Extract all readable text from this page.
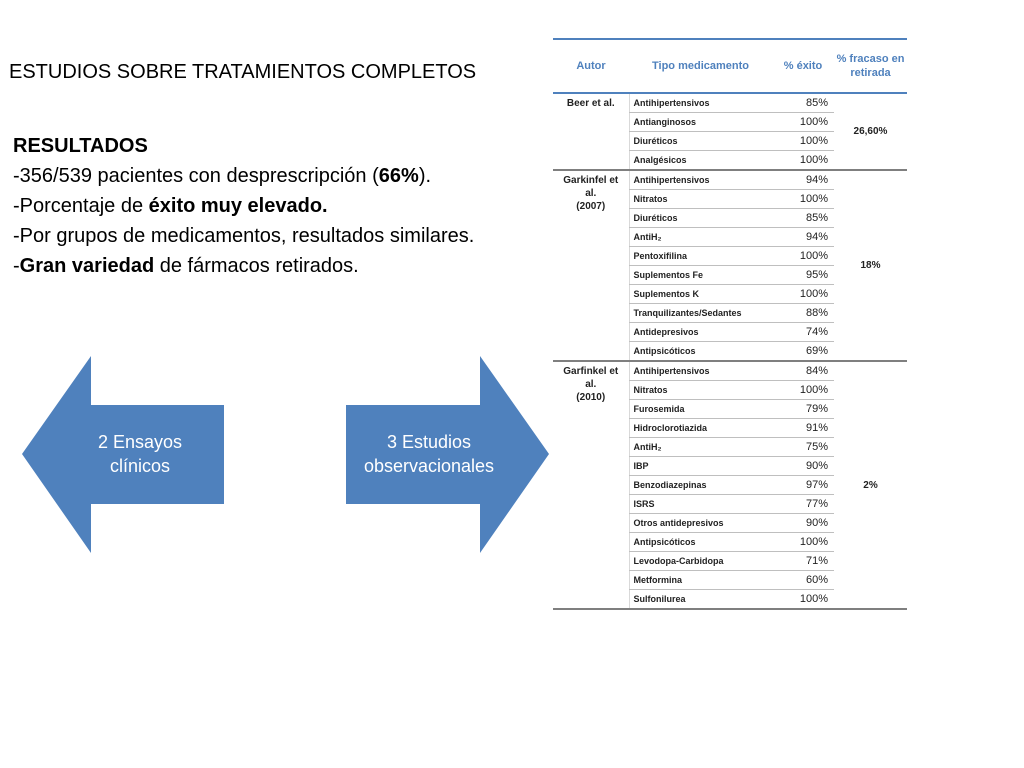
ESTUDIOS SOBRE TRATAMIENTOS COMPLETOS

RESULTADOS

-356/539 pacientes con desprescripción (66%).

-Porcentaje de éxito muy elevado.

-Por grupos de medicamentos, resultados similares.

-Gran variedad de fármacos retirados.

2 Ensayos clínicos
3 Estudios observacionales
Autor	Tipo medicamento	% éxito	% fracaso en retirada
Beer et al.	Antihipertensivos	85%	26,60%
	Antianginosos	100%	
	Diuréticos	100%	
	Analgésicos	100%	
Garkinfel et al.
(2007)	Antihipertensivos	94%	18%
	Nitratos	100%	
	Diuréticos	85%	
	AntiH₂	94%	
	Pentoxifilina	100%	
	Suplementos Fe	95%	
	Suplementos K	100%	
	Tranquilizantes/Sedantes	88%	
	Antidepresivos	74%	
	Antipsicóticos	69%	
Garfinkel et al.
(2010)	Antihipertensivos	84%	2%
	Nitratos	100%	
	Furosemida	79%	
	Hidroclorotiazida	91%	
	AntiH₂	75%	
	IBP	90%	
	Benzodiazepinas	97%	
	ISRS	77%	
	Otros antidepresivos	90%	
	Antipsicóticos	100%	
	Levodopa-Carbidopa	71%	
	Metformina	60%	
	Sulfonilurea	100%	
